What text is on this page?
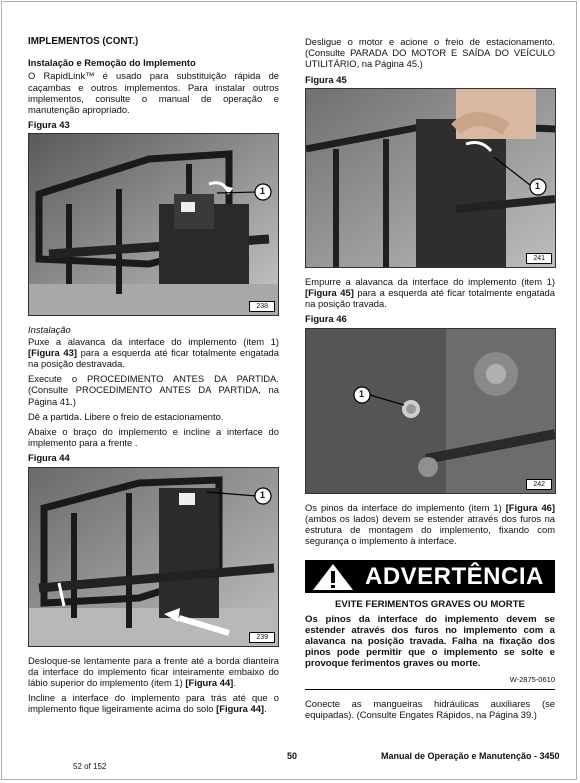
IMPLEMENTOS (CONT.)
Instalação e Remoção do Implemento

O RapidLink™ é usado para substituição rápida de caçambas e outros implementos. Para instalar outros implementos, consulte o manual de operação e manutenção apropriado.

Figura 43
1
238

Instalação

Puxe a alavanca da interface do implemento (item 1) [Figura 43] para a esquerda até ficar totalmente engatada na posição destravada.

Execute o PROCEDIMENTO ANTES DA PARTIDA. (Consulte PROCEDIMENTO ANTES DA PARTIDA, na Página 41.)

Dê a partida. Libere o freio de estacionamento.

Abaixe o braço do implemento e incline a interface do implemento para a frente .

Figura 44
1
239

Desloque-se lentamente para a frente até a borda dianteira da interface do implemento ficar inteiramente embaixo do lábio superior do implemento (item 1) [Figura 44].

Incline a interface do implemento para trás até que o implemento fique ligeiramente acima do solo [Figura 44].

Desligue o motor e acione o freio de estacionamento. (Consulte PARADA DO MOTOR E SAÍDA DO VEÍCULO UTILITÁRIO, na Página 45.)

Figura 45
1
241

Empurre a alavanca da interface do implemento (item 1) [Figura 45] para a esquerda até ficar totalmente engatada na posição travada.

Figura 46
1
242

Os pinos da interface do implemento (item 1) [Figura 46] (ambos os lados) devem se estender através dos furos na estrutura de montagem do implemento, fixando com segurança o implemento à interface.

ADVERTÊNCIA
EVITE FERIMENTOS GRAVES OU MORTE
Os pinos da interface do implemento devem se estender através dos furos no implemento com a alavanca na posição travada. Falha na fixação dos pinos pode permitir que o implemento se solte e provoque ferimentos graves ou morte.
W-2875-0610

Conecte as mangueiras hidráulicas auxiliares (se equipadas). (Consulte Engates Rápidos, na Página 39.)

50	Manual de Operação e Manutenção - 3450
52 of 152
